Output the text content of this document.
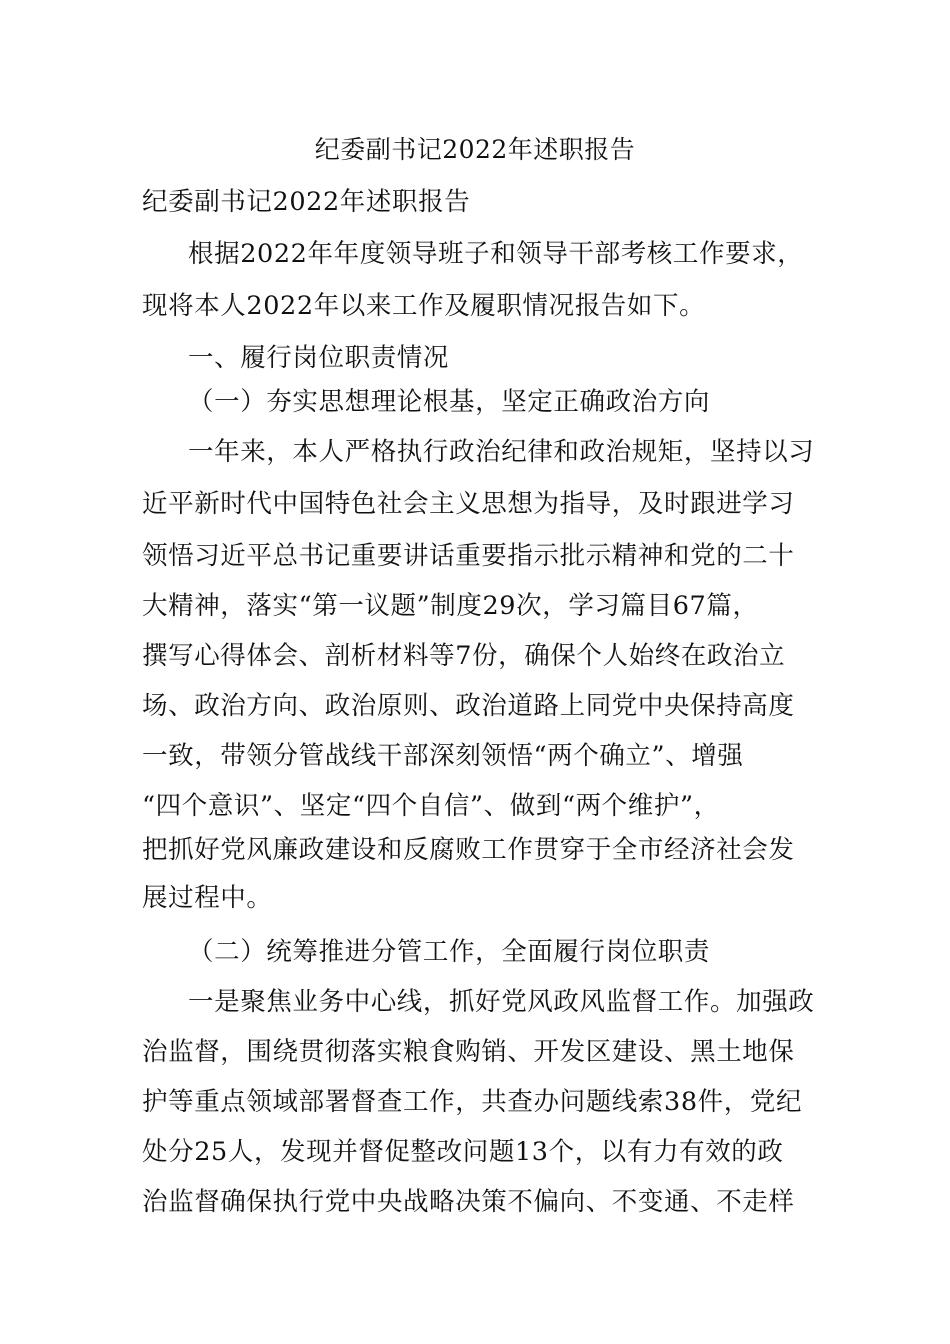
纪委副书记2022年述职报告
纪委副书记2022年述职报告
根据2022年年度领导班子和领导干部考核工作要求，
现将本人2022年以来工作及履职情况报告如下。
一、履行岗位职责情况
（一）夯实思想理论根基，坚定正确政治方向
一年来，本人严格执行政治纪律和政治规矩，坚持以习
近平新时代中国特色社会主义思想为指导，及时跟进学习
领悟习近平总书记重要讲话重要指示批示精神和党的二十
大精神，落实“第一议题”制度29次，学习篇目67篇，
撰写心得体会、剖析材料等7份，确保个人始终在政治立
场、政治方向、政治原则、政治道路上同党中央保持高度
一致，带领分管战线干部深刻领悟“两个确立”、增强
“四个意识”、坚定“四个自信”、做到“两个维护”，
把抓好党风廉政建设和反腐败工作贯穿于全市经济社会发
展过程中。
（二）统筹推进分管工作，全面履行岗位职责
一是聚焦业务中心线，抓好党风政风监督工作。加强政
治监督，围绕贯彻落实粮食购销、开发区建设、黑土地保
护等重点领域部署督查工作，共查办问题线索38件，党纪
处分25人，发现并督促整改问题13个，以有力有效的政
治监督确保执行党中央战略决策不偏向、不变通、不走样
